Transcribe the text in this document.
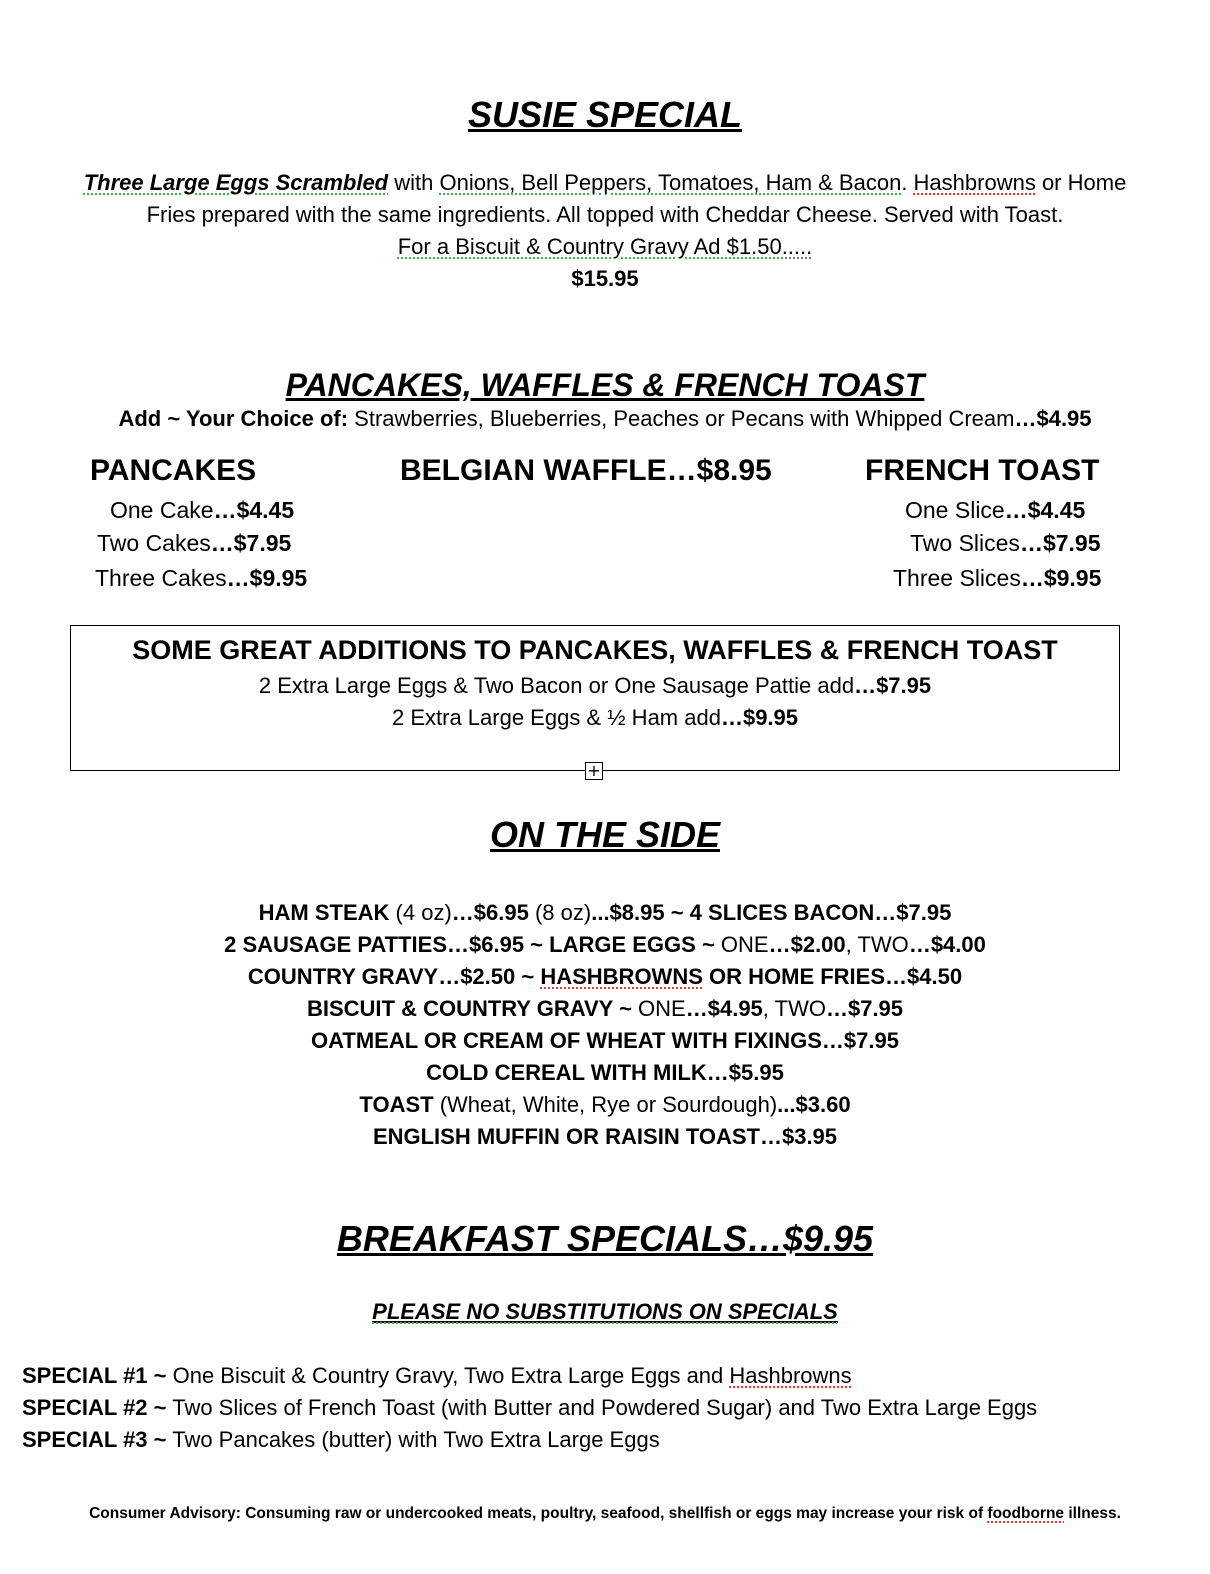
SUSIE SPECIAL
Three Large Eggs Scrambled with Onions, Bell Peppers, Tomatoes, Ham & Bacon. Hashbrowns or Home
Fries prepared with the same ingredients. All topped with Cheddar Cheese. Served with Toast.
For a Biscuit & Country Gravy Ad $1.50.....
$15.95
PANCAKES, WAFFLES & FRENCH TOAST
Add ~ Your Choice of: Strawberries, Blueberries, Peaches or Pecans with Whipped Cream…$4.95
PANCAKES
One Cake…$4.45
Two Cakes…$7.95
Three Cakes…$9.95
BELGIAN WAFFLE…$8.95	FRENCH TOAST
One Slice…$4.45
Two Slices…$7.95
Three Slices…$9.95
SOME GREAT ADDITIONS TO PANCAKES, WAFFLES & FRENCH TOAST
2 Extra Large Eggs & Two Bacon or One Sausage Pattie add…$7.95
2 Extra Large Eggs & ½ Ham add…$9.95
+
ON THE SIDE
HAM STEAK (4 oz)…$6.95 (8 oz)...$8.95 ~ 4 SLICES BACON…$7.95
2 SAUSAGE PATTIES…$6.95 ~ LARGE EGGS ~ ONE…$2.00, TWO…$4.00
COUNTRY GRAVY…$2.50 ~ HASHBROWNS OR HOME FRIES…$4.50
BISCUIT & COUNTRY GRAVY ~ ONE…$4.95, TWO…$7.95
OATMEAL OR CREAM OF WHEAT WITH FIXINGS…$7.95
COLD CEREAL WITH MILK…$5.95
TOAST (Wheat, White, Rye or Sourdough)...$3.60
ENGLISH MUFFIN OR RAISIN TOAST…$3.95
BREAKFAST SPECIALS…$9.95
PLEASE NO SUBSTITUTIONS ON SPECIALS
SPECIAL #1 ~ One Biscuit & Country Gravy, Two Extra Large Eggs and Hashbrowns
SPECIAL #2 ~ Two Slices of French Toast (with Butter and Powdered Sugar) and Two Extra Large Eggs
SPECIAL #3 ~ Two Pancakes (butter) with Two Extra Large Eggs
Consumer Advisory: Consuming raw or undercooked meats, poultry, seafood, shellfish or eggs may increase your risk of foodborne illness.
